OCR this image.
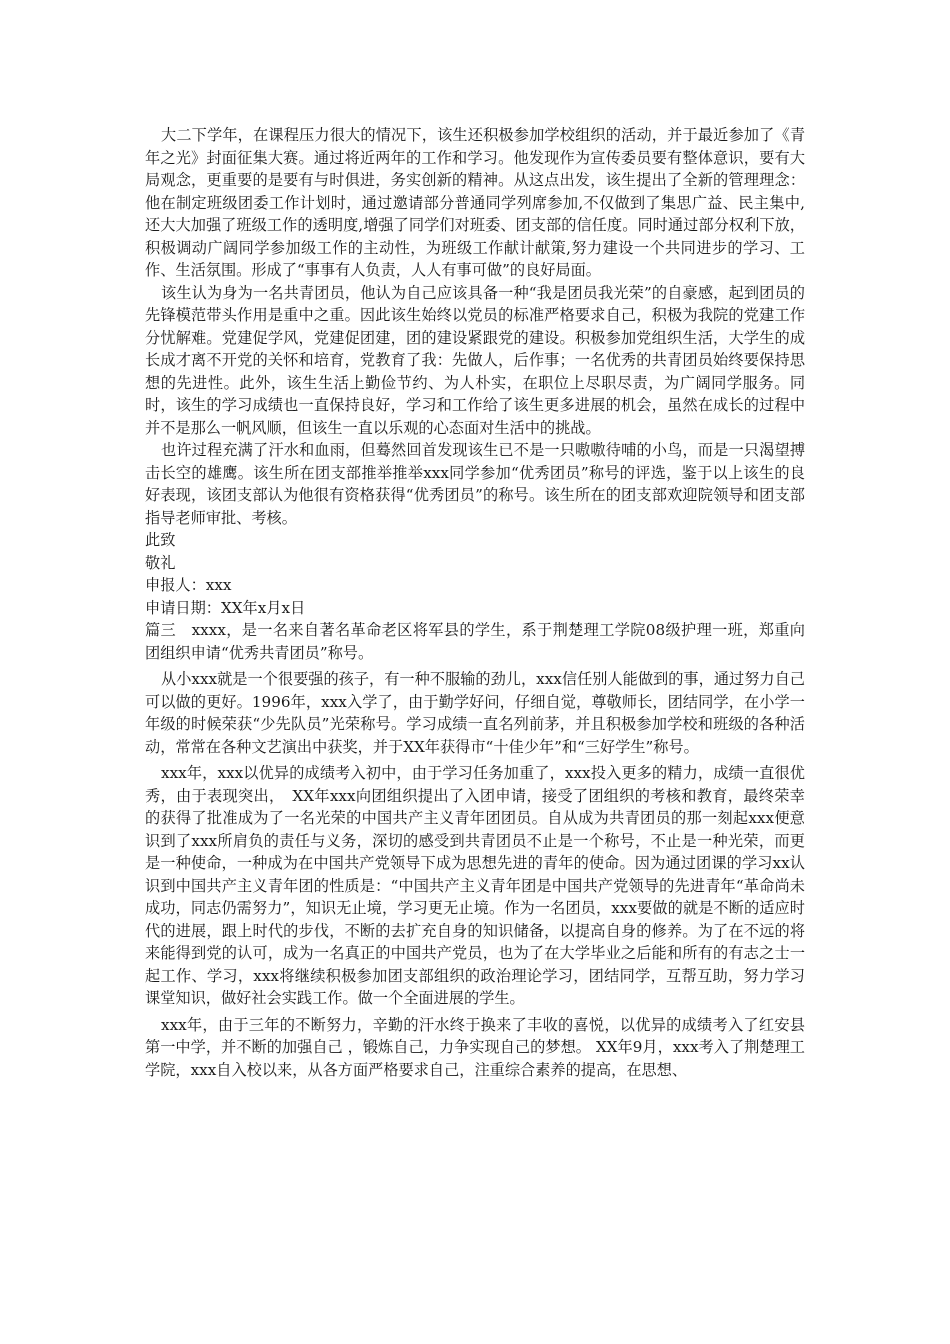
大二下学年，在课程压力很大的情况下，该生还积极参加学校组织的活动，并于最近参加了《青年之光》封面征集大赛。通过将近两年的工作和学习。他发现作为宣传委员要有整体意识，要有大局观念，更重要的是要有与时俱进，务实创新的精神。从这点出发，该生提出了全新的管理理念：他在制定班级团委工作计划时，通过邀请部分普通同学列席参加,不仅做到了集思广益、民主集中,还大大加强了班级工作的透明度,增强了同学们对班委、团支部的信任度。同时通过部分权利下放，积极调动广阔同学参加级工作的主动性，为班级工作献计献策,努力建设一个共同进步的学习、工作、生活氛围。形成了“事事有人负责，人人有事可做”的良好局面。

该生认为身为一名共青团员，他认为自己应该具备一种“我是团员我光荣”的自豪感，起到团员的先锋模范带头作用是重中之重。因此该生始终以党员的标准严格要求自己，积极为我院的党建工作分忧解难。党建促学风，党建促团建，团的建设紧跟党的建设。积极参加党组织生活，大学生的成长成才离不开党的关怀和培育，党教育了我：先做人，后作事；一名优秀的共青团员始终要保持思想的先进性。此外，该生生活上勤俭节约、为人朴实，在职位上尽职尽责，为广阔同学服务。同时，该生的学习成绩也一直保持良好，学习和工作给了该生更多进展的机会，虽然在成长的过程中并不是那么一帆风顺，但该生一直以乐观的心态面对生活中的挑战。

也许过程充满了汗水和血雨，但蓦然回首发现该生已不是一只嗷嗷待哺的小鸟，而是一只渴望搏击长空的雄鹰。该生所在团支部推举推举xxx同学参加“优秀团员”称号的评选，鉴于以上该生的良好表现，该团支部认为他很有资格获得“优秀团员”的称号。该生所在的团支部欢迎院领导和团支部指导老师审批、考核。

此致

敬礼

申报人：xxx

申请日期：XX年x月x日

篇三　xxxx，是一名来自著名革命老区将军县的学生，系于荆楚理工学院08级护理一班，郑重向团组织申请“优秀共青团员”称号。

从小xxx就是一个很要强的孩子，有一种不服输的劲儿，xxx信任别人能做到的事，通过努力自己可以做的更好。1996年，xxx入学了，由于勤学好问，仔细自觉，尊敬师长，团结同学，在小学一年级的时候荣获“少先队员”光荣称号。学习成绩一直名列前茅，并且积极参加学校和班级的各种活动，常常在各种文艺演出中获奖，并于XX年获得市“十佳少年”和“三好学生”称号。

xxx年，xxx以优异的成绩考入初中，由于学习任务加重了，xxx投入更多的精力，成绩一直很优秀，由于表现突出，　XX年xxx向团组织提出了入团申请，接受了团组织的考核和教育，最终荣幸的获得了批准成为了一名光荣的中国共产主义青年团团员。自从成为共青团员的那一刻起xxx便意识到了xxx所肩负的责任与义务，深切的感受到共青团员不止是一个称号，不止是一种光荣，而更是一种使命，一种成为在中国共产党领导下成为思想先进的青年的使命。因为通过团课的学习xx认识到中国共产主义青年团的性质是：“中国共产主义青年团是中国共产党领导的先进青年“革命尚未成功，同志仍需努力”，知识无止境，学习更无止境。作为一名团员，xxx要做的就是不断的适应时代的进展，跟上时代的步伐，不断的去扩充自身的知识储备，以提高自身的修养。为了在不远的将来能得到党的认可，成为一名真正的中国共产党员，也为了在大学毕业之后能和所有的有志之士一起工作、学习，xxx将继续积极参加团支部组织的政治理论学习，团结同学，互帮互助，努力学习课堂知识，做好社会实践工作。做一个全面进展的学生。

xxx年，由于三年的不断努力，辛勤的汗水终于换来了丰收的喜悦，以优异的成绩考入了红安县第一中学，并不断的加强自己 ，锻炼自己，力争实现自己的梦想。 XX年9月，xxx考入了荆楚理工学院，xxx自入校以来，从各方面严格要求自己，注重综合素养的提高，在思想、
